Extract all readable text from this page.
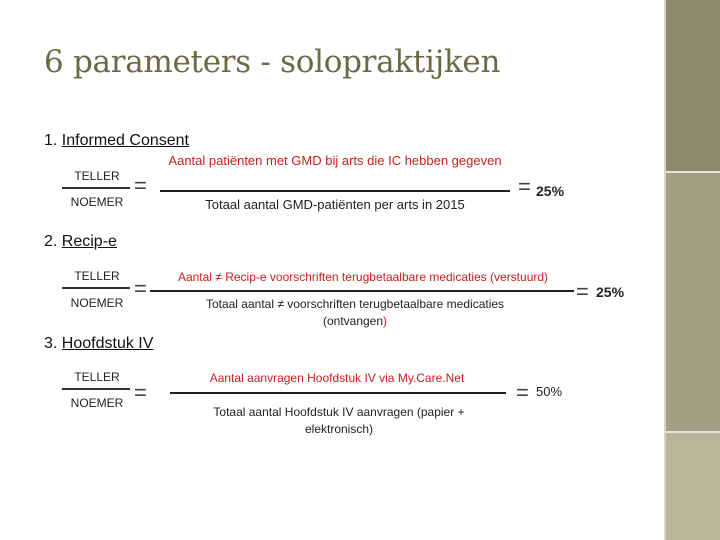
6 parameters - solopraktijken
1. Informed Consent
TELLER
NOEMER
=
Aantal patiënten met GMD bij arts die IC hebben gegeven
Totaal aantal GMD-patiënten per arts in 2015
= 25%
2. Recip-e
TELLER
NOEMER
=	Aantal ≠ Recip-e voorschriften terugbetaalbare medicaties (verstuurd)
Totaal aantal ≠ voorschriften terugbetaalbare medicaties (ontvangen)
= 25%
3. Hoofdstuk IV
TELLER
NOEMER =
Aantal aanvragen Hoofdstuk IV via My.Care.Net
Totaal aantal Hoofdstuk IV aanvragen (papier + elektronisch)
= 50%
